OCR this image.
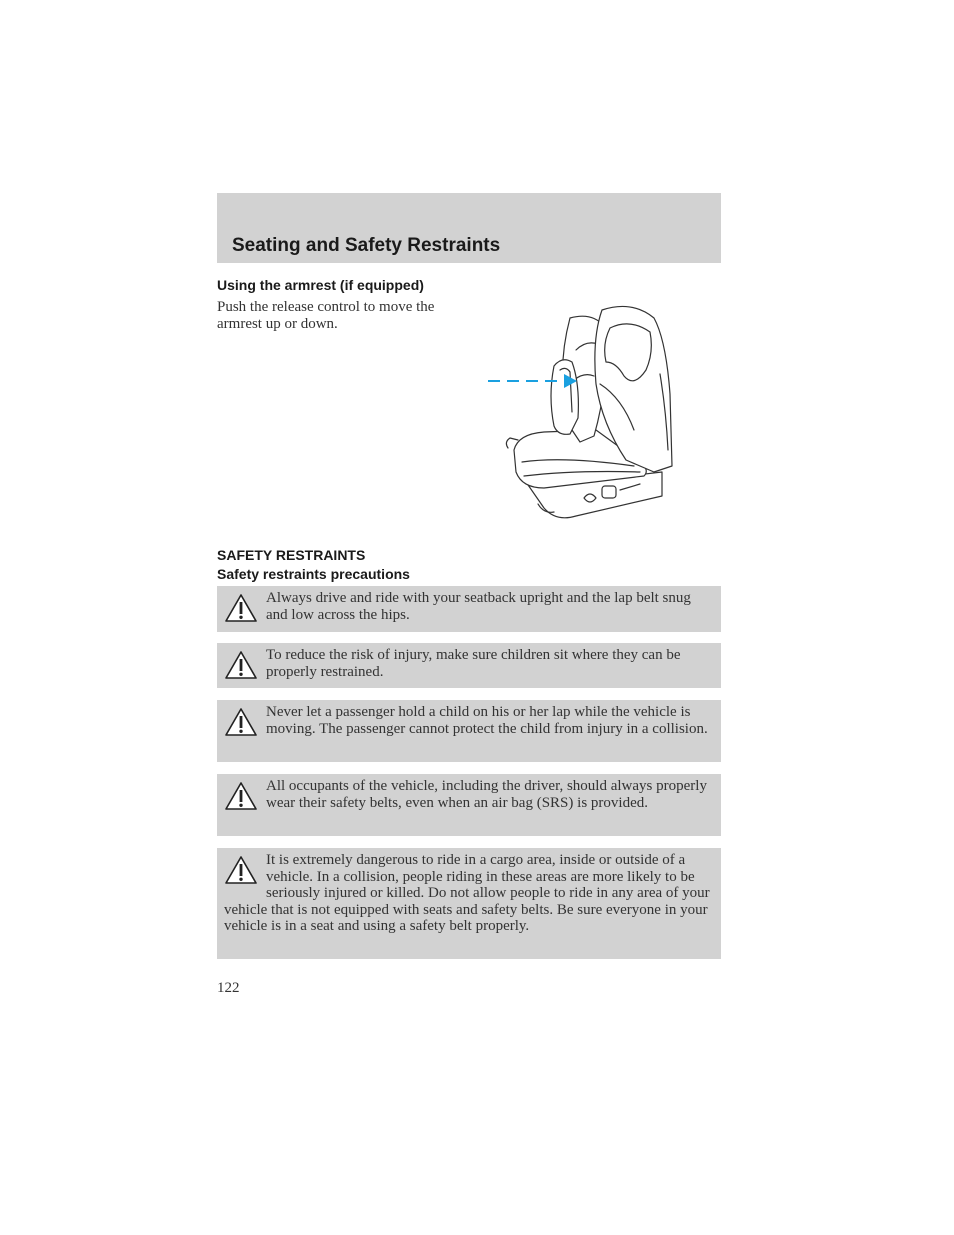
Seating and Safety Restraints
Using the armrest (if equipped)

Push the release control to move the armrest up or down.

SAFETY RESTRAINTS
Safety restraints precautions

Always drive and ride with your seatback upright and the lap belt snug and low across the hips.

To reduce the risk of injury, make sure children sit where they can be properly restrained.

Never let a passenger hold a child on his or her lap while the vehicle is moving. The passenger cannot protect the child from injury in a collision.

All occupants of the vehicle, including the driver, should always properly wear their safety belts, even when an air bag (SRS) is provided.

It is extremely dangerous to ride in a cargo area, inside or outside of a vehicle. In a collision, people riding in these areas are more likely to be seriously injured or killed. Do not allow people to ride in any area of your vehicle that is not equipped with seats and safety belts. Be sure everyone in your vehicle is in a seat and using a safety belt properly.

122
